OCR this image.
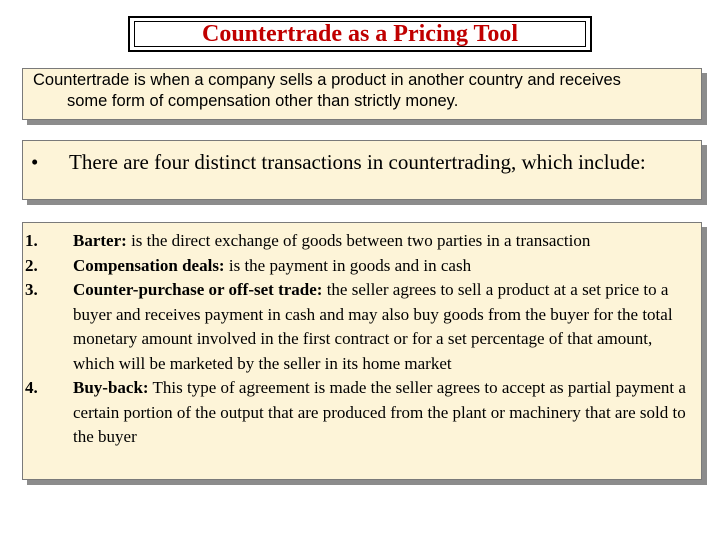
Countertrade as a Pricing Tool
Countertrade is when a company sells a product in another country and receives
some form of compensation other than strictly money.
•	There are four distinct transactions in countertrading, which include:
1.	Barter: is the direct exchange of goods between two parties in a transaction
2.	Compensation deals: is the payment in goods and in cash
3.	Counter-purchase or off-set trade: the seller agrees to sell a product at a set price to a buyer and receives payment in cash and may also buy goods from the buyer for the total monetary amount involved in the first contract or for a set percentage of that amount, which will be marketed by the seller in its home market
4.	Buy-back: This type of agreement is made the seller agrees to accept as partial payment a certain portion of the output that are produced from the plant or machinery that are sold to the buyer
